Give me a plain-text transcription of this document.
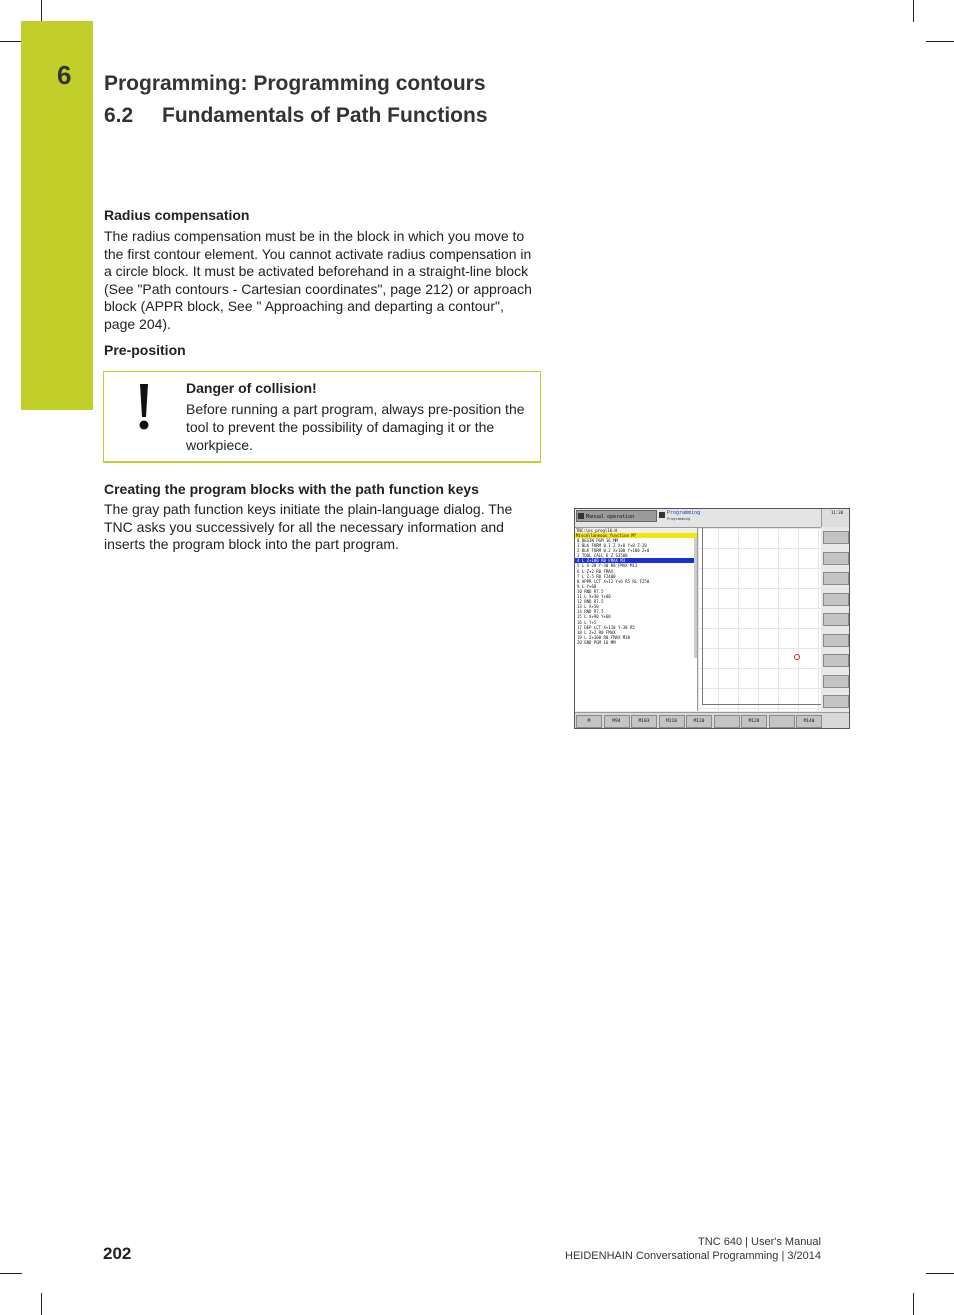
6	Programming: Programming contours
6.2 Fundamentals of Path Functions
Radius compensation
The radius compensation must be in the block in which you move to the first contour element. You cannot activate radius compensation in a circle block. It must be activated beforehand in a straight-line block (See "Path contours - Cartesian coordinates", page 212) or approach block (APPR block, See " Approaching and departing a contour", page 204).
Pre-position
Danger of collision!
Before running a part program, always pre-position the tool to prevent the possibility of damaging it or the workpiece.
Creating the program blocks with the path function keys
The gray path function keys initiate the plain-language dialog. The TNC asks you successively for all the necessary information and inserts the program block into the part program.
Manual operation
Programming
Programming
11:30
TNC:\nc_prog\16.H
Miscellaneous function M?
0 BEGIN PGM 16 MM
1 BLK FORM 0.1 Z X+0 Y+0 Z-20
2 BLK FORM 0.2 X+100 Y+100 Z+0
3 TOOL CALL 6 Z S3500
4 L Z+100 R0 FMAX M3
5 L X-20 Y-30 R0 FMAX M13
6 L Z+2 R0 FMAX
7 L Z-5 R0 F2400
8 APPR LCT X+12 Y+6 R5 RL F250
9 L Y+68
10 RND R7.5
11 L X+30 Y+80
12 RND R7.5
13 L X+50
14 RND R7.5
15 L X+90 Y+60
16 L Y+5
17 DEP LCT X+110 Y-30 R5
18 L Z+2 R0 FMAX
19 L Z+100 R0 FMAX M30
20 END PGM 16 MM
M	M94	M103	M118	M120	M128	M140
202
TNC 640 | User's Manual
HEIDENHAIN Conversational Programming | 3/2014
